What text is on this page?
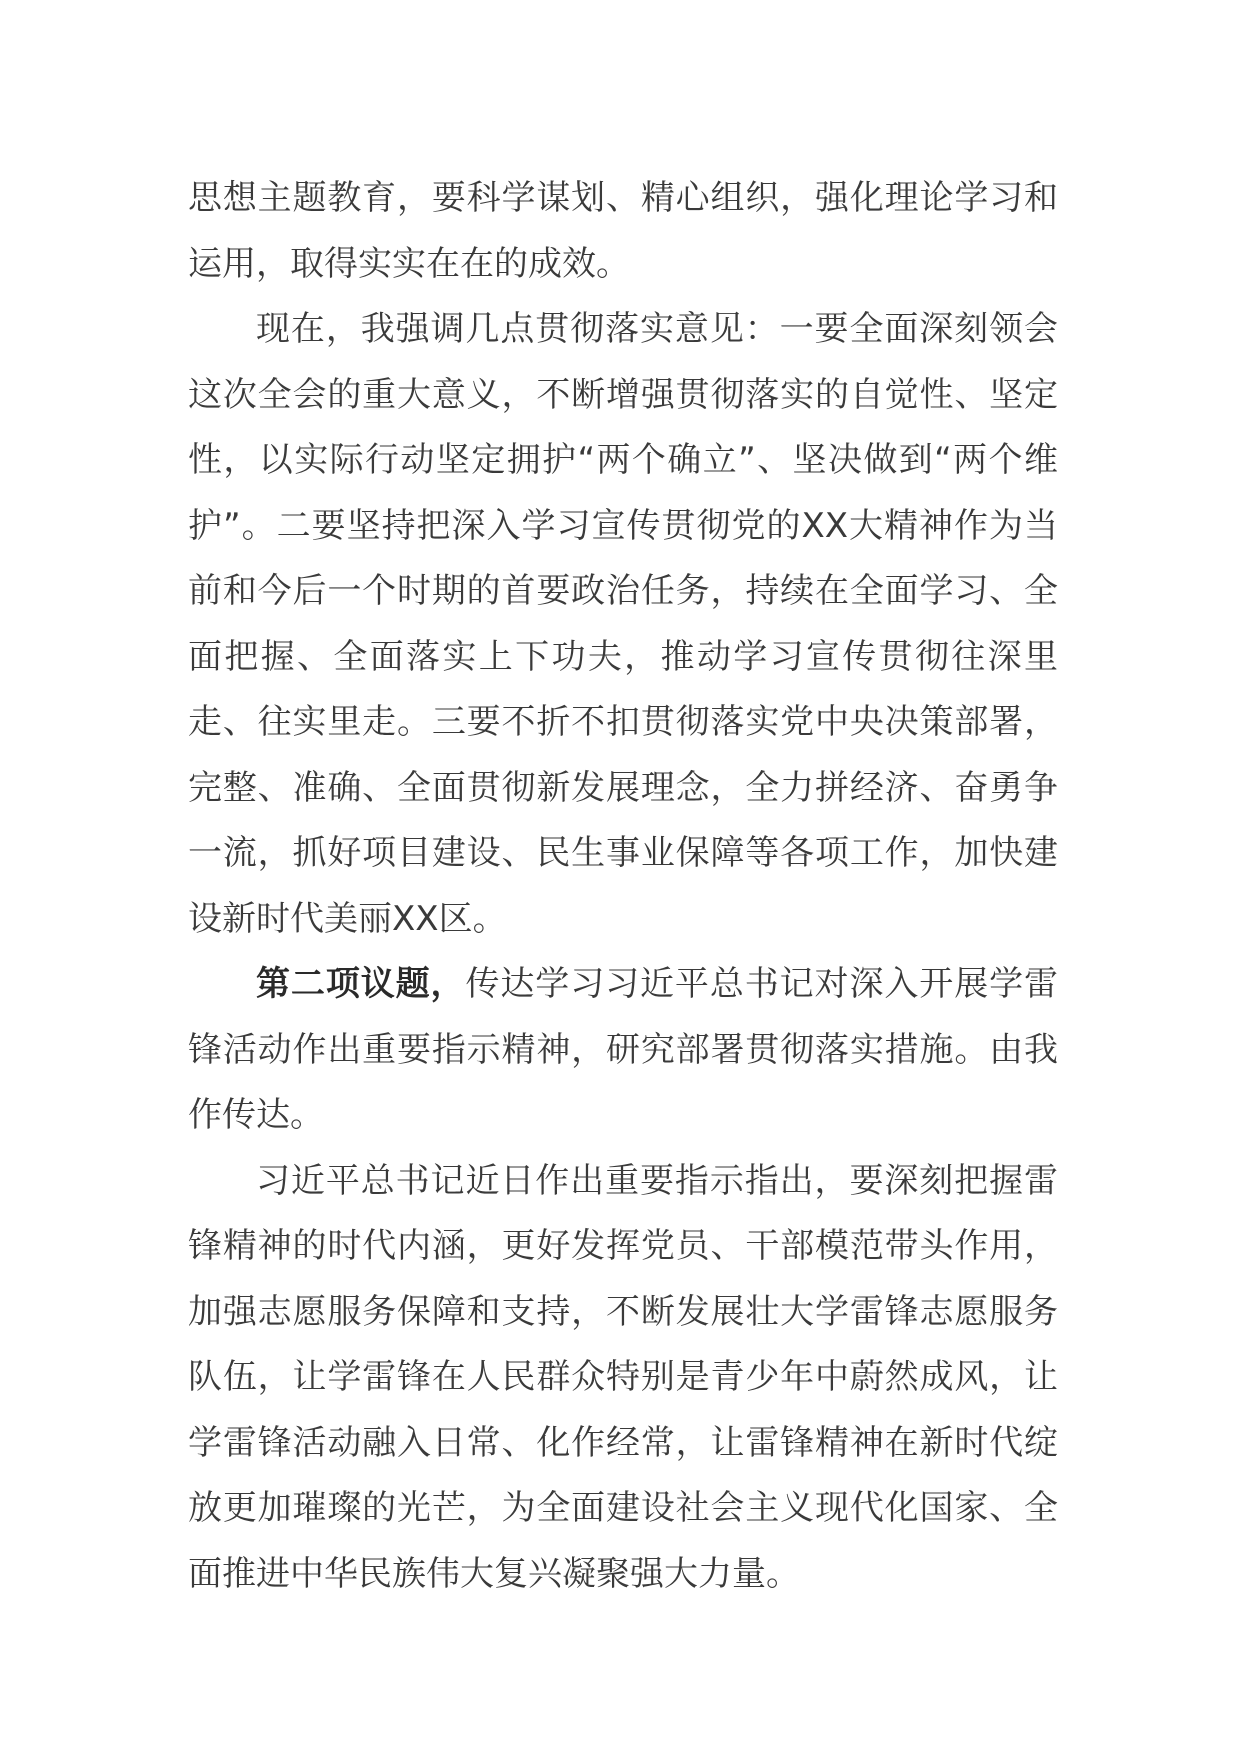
思想主题教育，要科学谋划、精心组织，强化理论学习和运用，取得实实在在的成效。

现在，我强调几点贯彻落实意见：一要全面深刻领会这次全会的重大意义，不断增强贯彻落实的自觉性、坚定性，以实际行动坚定拥护“两个确立”、坚决做到“两个维护”。二要坚持把深入学习宣传贯彻党的XX大精神作为当前和今后一个时期的首要政治任务，持续在全面学习、全面把握、全面落实上下功夫，推动学习宣传贯彻往深里走、往实里走。三要不折不扣贯彻落实党中央决策部署，完整、准确、全面贯彻新发展理念，全力拼经济、奋勇争一流，抓好项目建设、民生事业保障等各项工作，加快建设新时代美丽XX区。

第二项议题，传达学习习近平总书记对深入开展学雷锋活动作出重要指示精神，研究部署贯彻落实措施。由我作传达。

习近平总书记近日作出重要指示指出，要深刻把握雷锋精神的时代内涵，更好发挥党员、干部模范带头作用，加强志愿服务保障和支持，不断发展壮大学雷锋志愿服务队伍，让学雷锋在人民群众特别是青少年中蔚然成风，让学雷锋活动融入日常、化作经常，让雷锋精神在新时代绽放更加璀璨的光芒，为全面建设社会主义现代化国家、全面推进中华民族伟大复兴凝聚强大力量。
